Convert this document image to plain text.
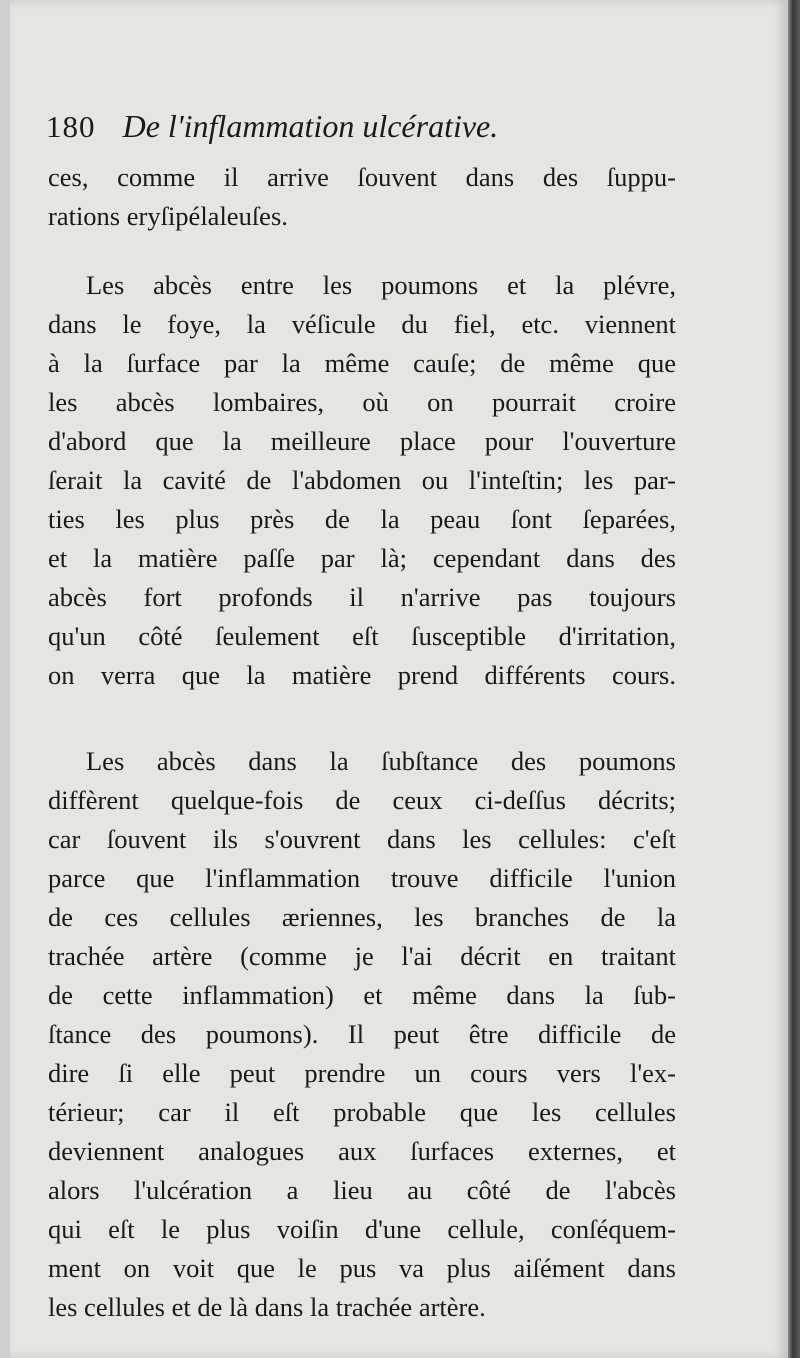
180 De l'inflammation ulcérative.
ces, comme il arrive ſouvent dans des ſuppu-
rations eryſipélaleuſes.
Les abcès entre les poumons et la plévre,
dans le foye, la véſicule du fiel, etc. viennent
à la ſurface par la même cauſe; de même que
les abcès lombaires, où on pourrait croire
d'abord que la meilleure place pour l'ouverture
ſerait la cavité de l'abdomen ou l'inteſtin; les par-
ties les plus près de la peau ſont ſeparées,
et la matière paſſe par là; cependant dans des
abcès fort profonds il n'arrive pas toujours
qu'un côté ſeulement eſt ſusceptible d'irritation,
on verra que la matière prend différents cours.
Les abcès dans la ſubſtance des poumons
diffèrent quelque-fois de ceux ci-deſſus décrits;
car ſouvent ils s'ouvrent dans les cellules: c'eſt
parce que l'inflammation trouve difficile l'union
de ces cellules æriennes, les branches de la
trachée artère (comme je l'ai décrit en traitant
de cette inflammation) et même dans la ſub-
ſtance des poumons). Il peut être difficile de
dire ſi elle peut prendre un cours vers l'ex-
térieur; car il eſt probable que les cellules
deviennent analogues aux ſurfaces externes, et
alors l'ulcération a lieu au côté de l'abcès
qui eſt le plus voiſin d'une cellule, conſéquem-
ment on voit que le pus va plus aiſément dans
les cellules et de là dans la trachée artère.
